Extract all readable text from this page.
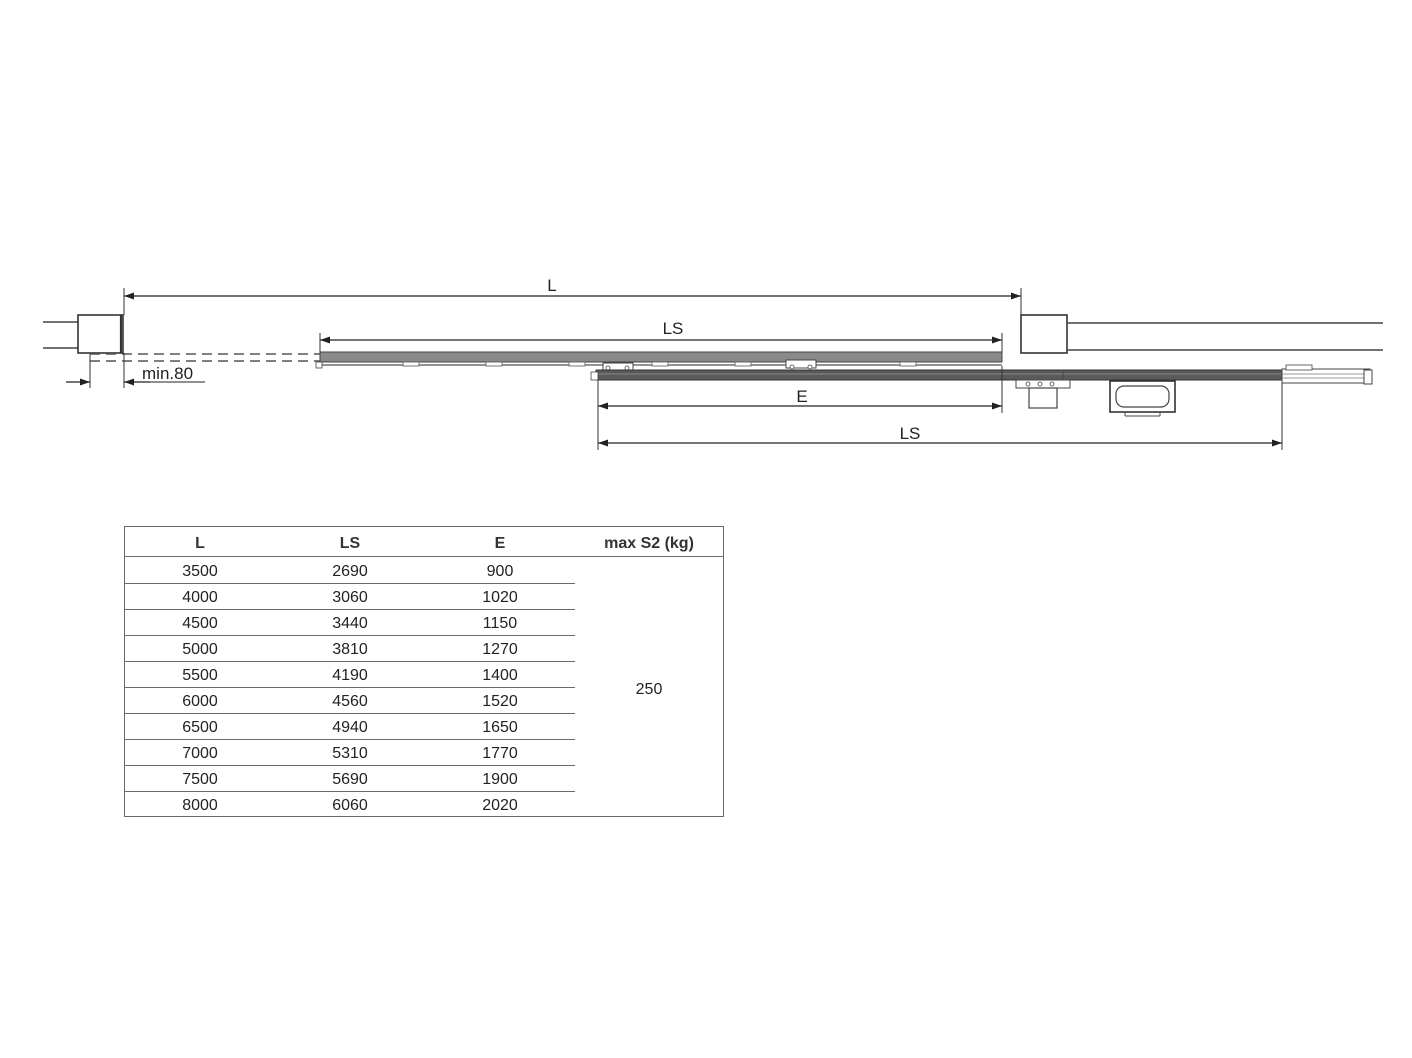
L
LS
E
LS
min.80
L	LS	E	max S2 (kg)
3500	2690	900
4000	3060	1020
4500	3440	1150
5000	3810	1270
5500	4190	1400
6000	4560	1520
6500	4940	1650
7000	5310	1770
7500	5690	1900
8000	6060	2020
250
